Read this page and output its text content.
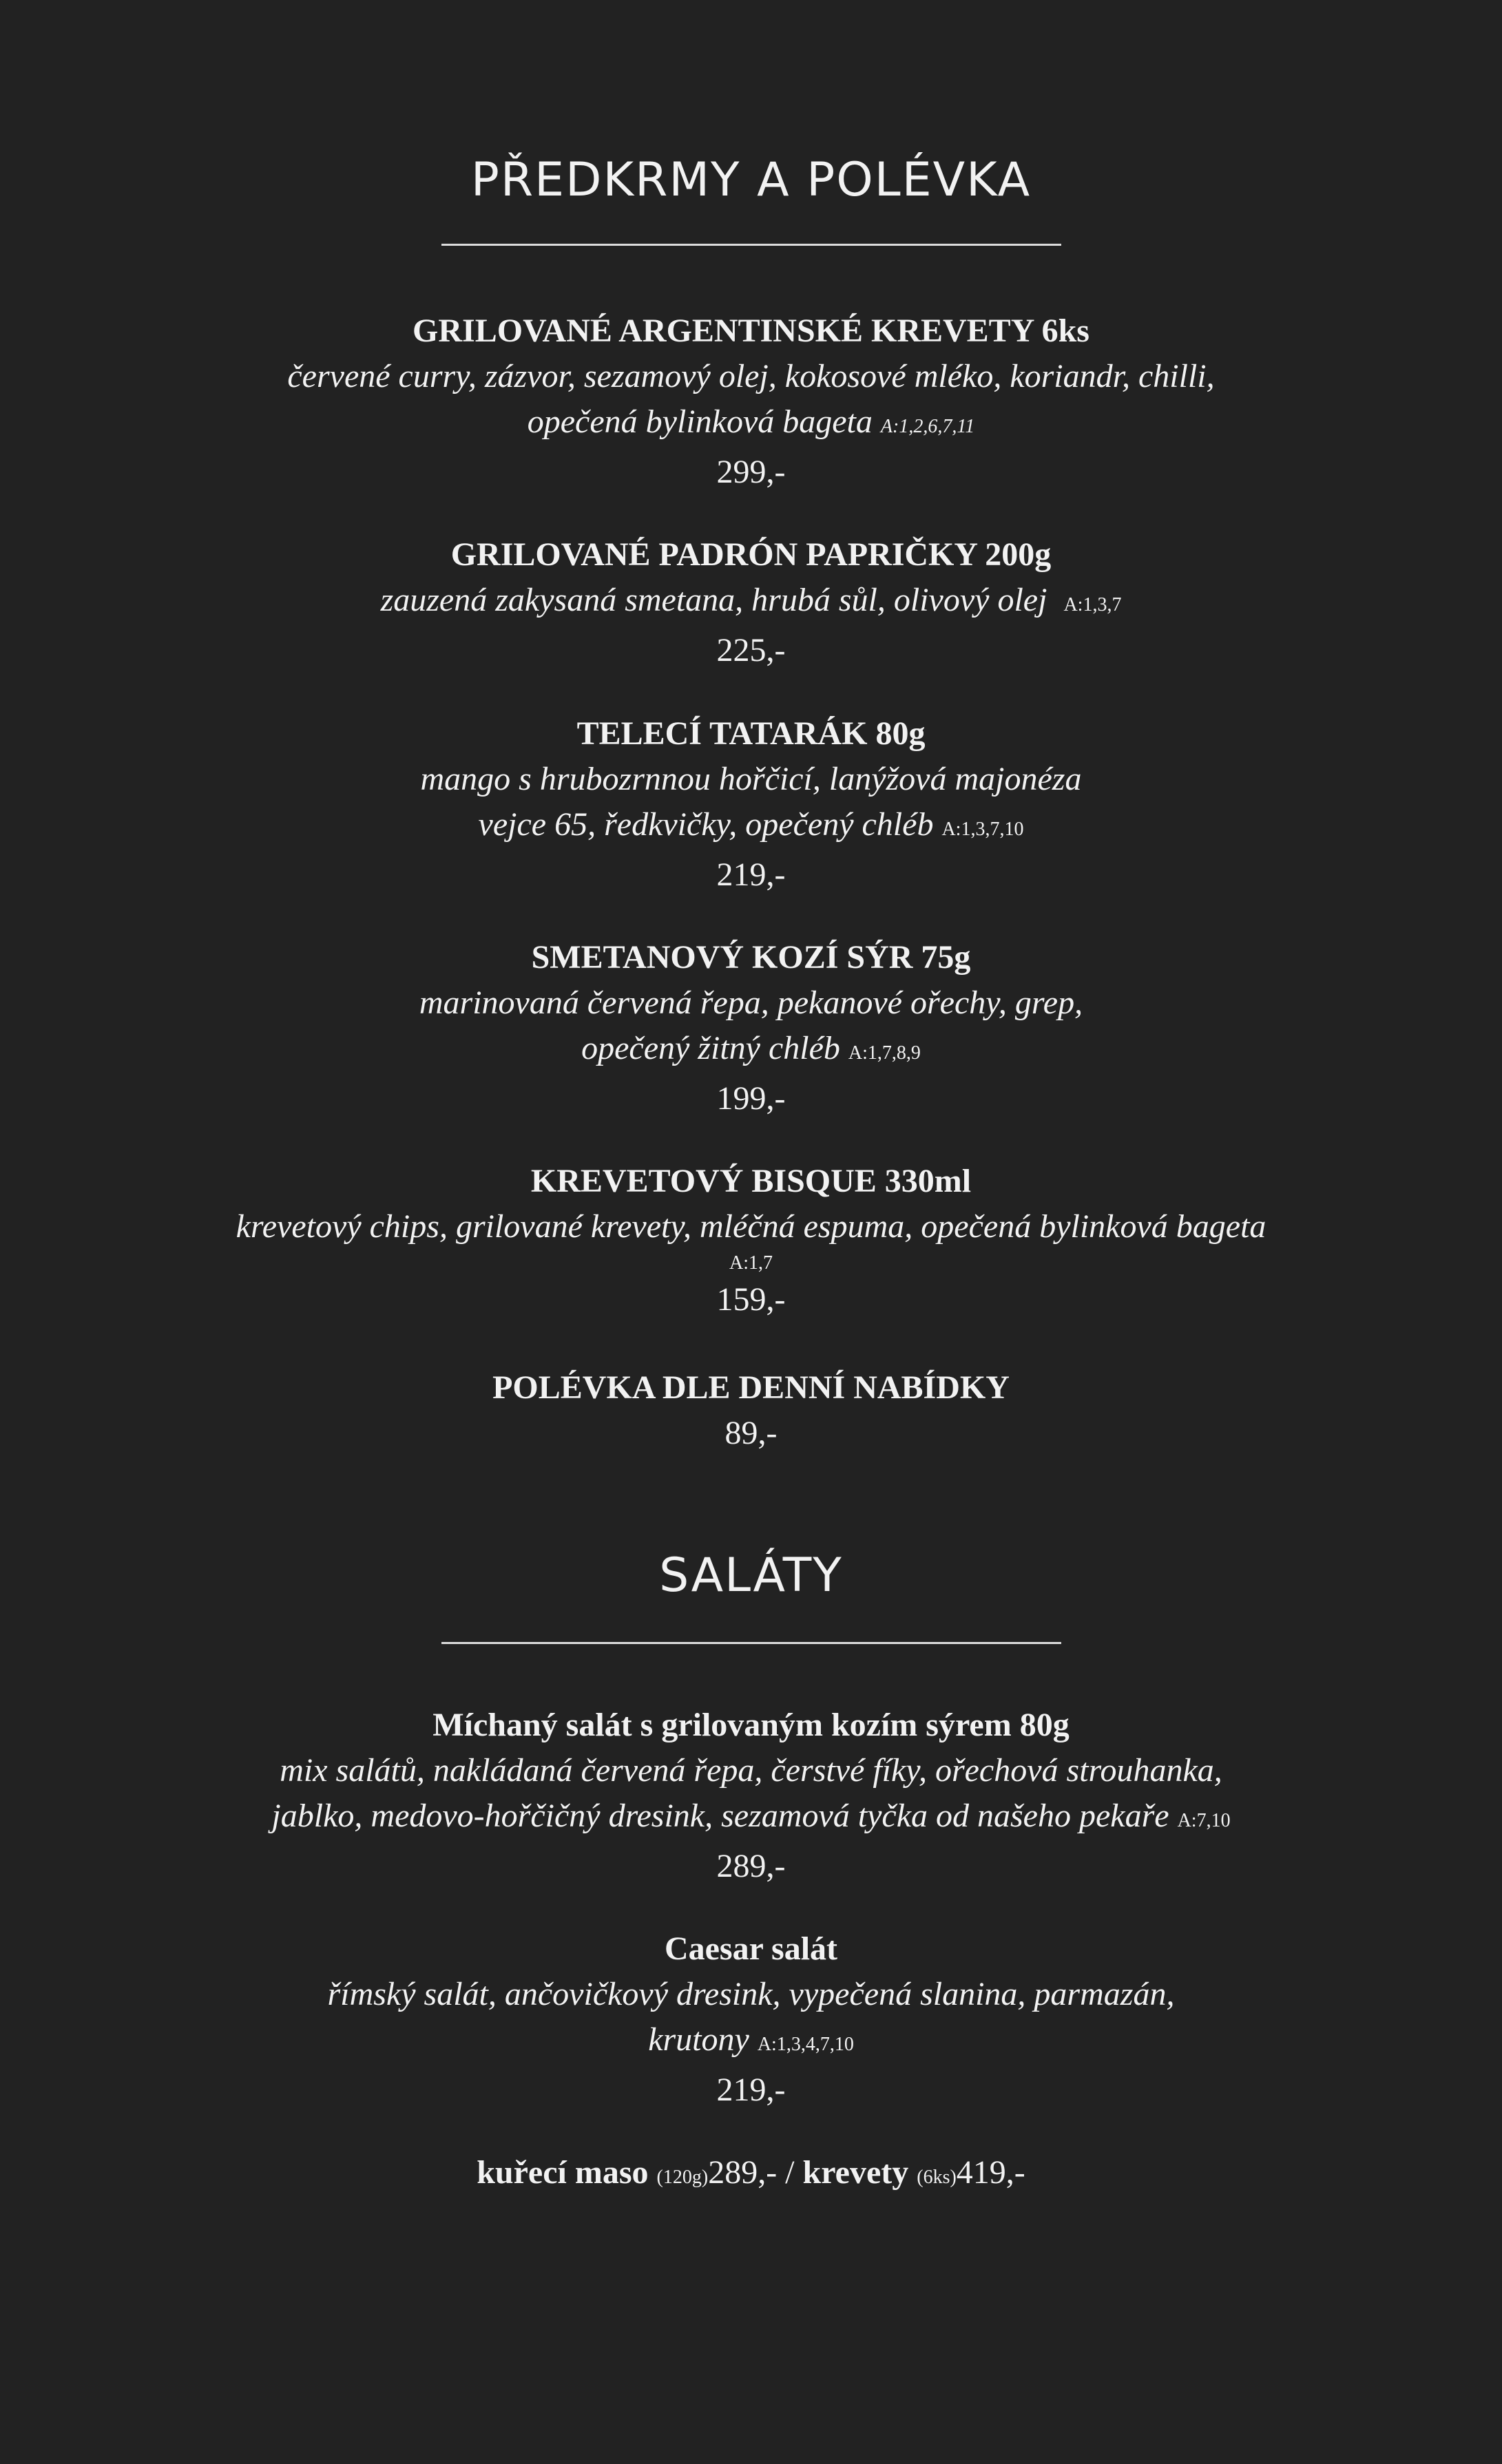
PŘEDKRMY A POLÉVKA

GRILOVANÉ ARGENTINSKÉ KREVETY 6ks

červené curry, zázvor, sezamový olej, kokosové mléko, koriandr, chilli,

opečená bylinková bageta A:1,2,6,7,11

299,-

GRILOVANÉ PADRÓN PAPRIČKY 200g

zauzená zakysaná smetana, hrubá sůl, olivový olej A:1,3,7

225,-

TELECÍ TATARÁK 80g

mango s hrubozrnnou hořčicí, lanýžová majonéza

vejce 65, ředkvičky, opečený chléb A:1,3,7,10

219,-

SMETANOVÝ KOZÍ SÝR 75g

marinovaná červená řepa, pekanové ořechy, grep,

opečený žitný chléb A:1,7,8,9

199,-

KREVETOVÝ BISQUE 330ml

krevetový chips, grilované krevety, mléčná espuma, opečená bylinková bageta

A:1,7

159,-

POLÉVKA DLE DENNÍ NABÍDKY

89,-

SALÁTY

Míchaný salát s grilovaným kozím sýrem 80g

mix salátů, nakládaná červená řepa, čerstvé fíky, ořechová strouhanka,

jablko, medovo-hořčičný dresink, sezamová tyčka od našeho pekaře A:7,10

289,-

Caesar salát

římský salát, ančovičkový dresink, vypečená slanina, parmazán,

krutony A:1,3,4,7,10

219,-

kuřecí maso (120g)289,- / krevety (6ks)419,-
